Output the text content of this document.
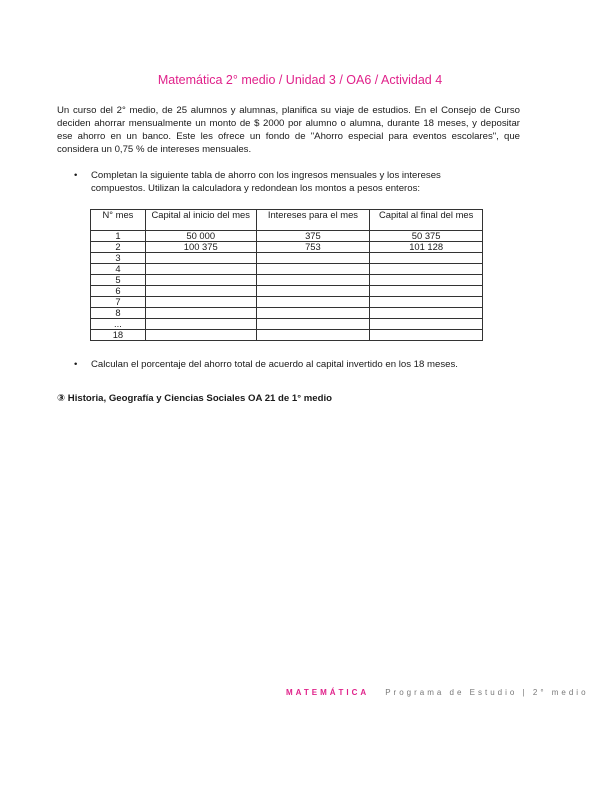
Matemática 2° medio / Unidad 3 / OA6 / Actividad 4
Un curso del 2° medio, de 25 alumnos y alumnas, planifica su viaje de estudios. En el Consejo de Curso deciden ahorrar mensualmente un monto de $ 2000 por alumno o alumna, durante 18 meses, y depositar ese ahorro en un banco. Este les ofrece un fondo de "Ahorro especial para eventos escolares", que considera un 0,75 % de intereses mensuales.
• Completan la siguiente tabla de ahorro con los ingresos mensuales y los intereses compuestos. Utilizan la calculadora y redondean los montos a pesos enteros:
N° mes	Capital al inicio del mes	Intereses para el mes	Capital al final del mes
1	50 000	375	50 375
2	100 375	753	101 128
3			
4			
5			
6			
7			
8			
...			
18			
• Calculan el porcentaje del ahorro total de acuerdo al capital invertido en los 18 meses.
③ Historia, Geografía y Ciencias Sociales OA 21 de 1° medio
MATEMÁTICA Programa de Estudio | 2° medio
